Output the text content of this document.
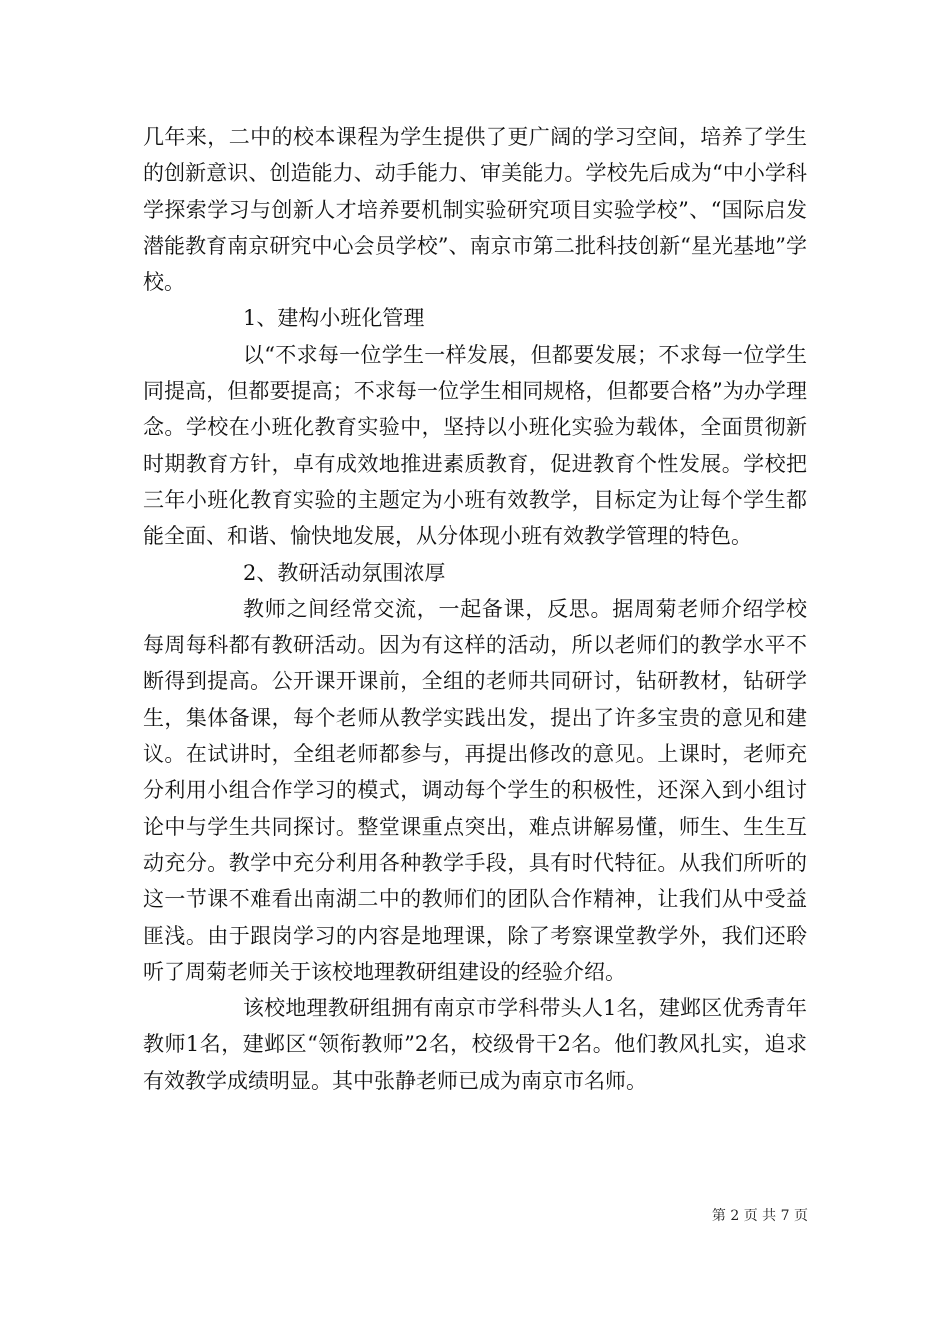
几年来，二中的校本课程为学生提供了更广阔的学习空间，培养了学生的创新意识、创造能力、动手能力、审美能力。学校先后成为“中小学科学探索学习与创新人才培养要机制实验研究项目实验学校”、“国际启发潜能教育南京研究中心会员学校”、南京市第二批科技创新“星光基地”学校。

1、建构小班化管理

以“不求每一位学生一样发展，但都要发展；不求每一位学生同提高，但都要提高；不求每一位学生相同规格，但都要合格”为办学理念。学校在小班化教育实验中，坚持以小班化实验为载体，全面贯彻新时期教育方针，卓有成效地推进素质教育，促进教育个性发展。学校把三年小班化教育实验的主题定为小班有效教学，目标定为让每个学生都能全面、和谐、愉快地发展，从分体现小班有效教学管理的特色。

2、教研活动氛围浓厚

教师之间经常交流，一起备课，反思。据周菊老师介绍学校每周每科都有教研活动。因为有这样的活动，所以老师们的教学水平不断得到提高。公开课开课前，全组的老师共同研讨，钻研教材，钻研学生，集体备课，每个老师从教学实践出发，提出了许多宝贵的意见和建议。在试讲时，全组老师都参与，再提出修改的意见。上课时，老师充分利用小组合作学习的模式，调动每个学生的积极性，还深入到小组讨论中与学生共同探讨。整堂课重点突出，难点讲解易懂，师生、生生互动充分。教学中充分利用各种教学手段，具有时代特征。从我们所听的这一节课不难看出南湖二中的教师们的团队合作精神，让我们从中受益匪浅。由于跟岗学习的内容是地理课，除了考察课堂教学外，我们还聆听了周菊老师关于该校地理教研组建设的经验介绍。

该校地理教研组拥有南京市学科带头人1名，建邺区优秀青年教师1名，建邺区“领衔教师”2名，校级骨干2名。他们教风扎实，追求有效教学成绩明显。其中张静老师已成为南京市名师。

第 2 页 共 7 页
